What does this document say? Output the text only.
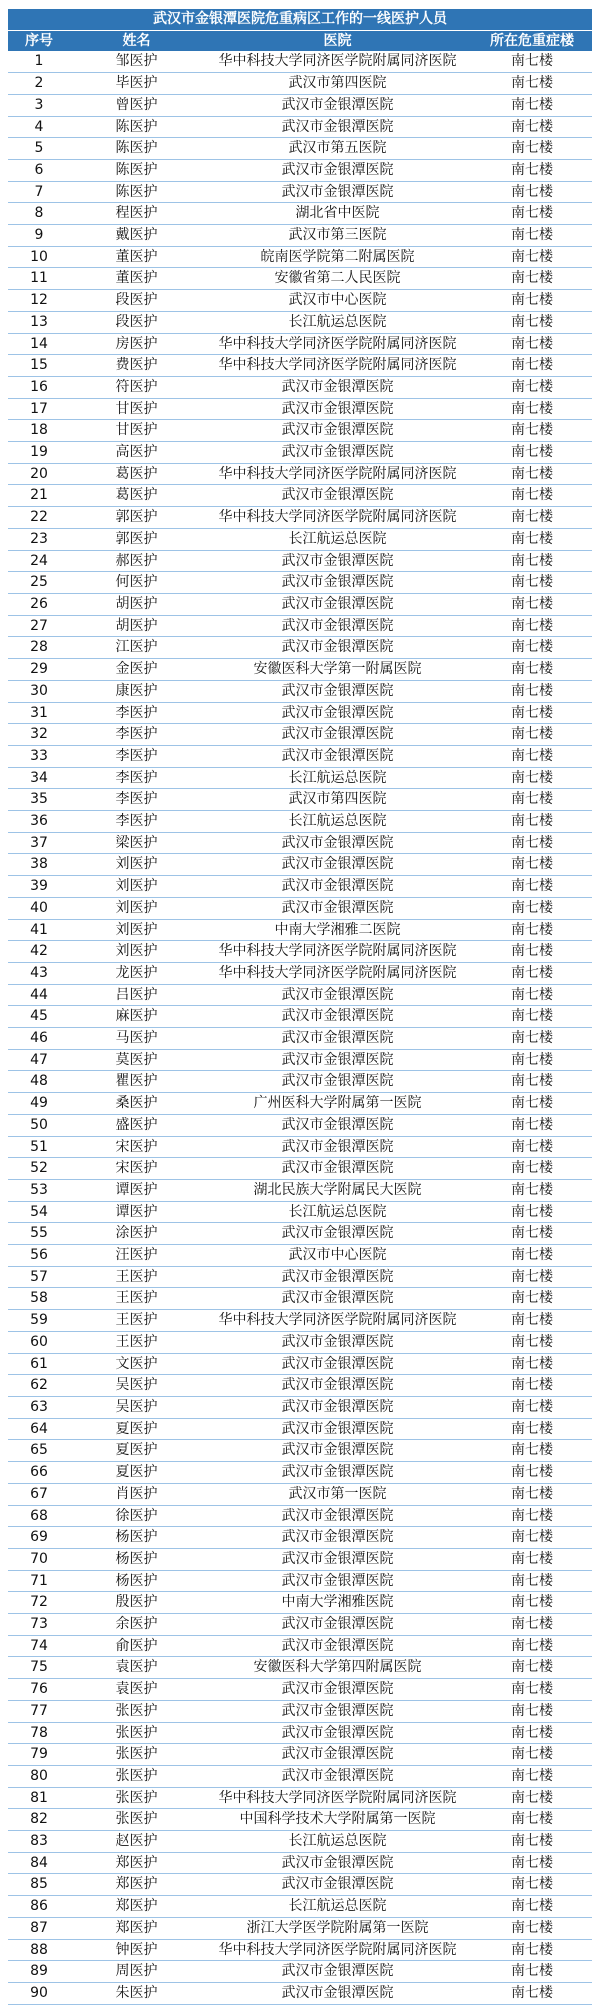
武汉市金银潭医院危重病区工作的一线医护人员			
序号	姓名	医院	所在危重症楼
1	邹医护	华中科技大学同济医学院附属同济医院	南七楼
2	毕医护	武汉市第四医院	南七楼
3	曾医护	武汉市金银潭医院	南七楼
4	陈医护	武汉市金银潭医院	南七楼
5	陈医护	武汉市第五医院	南七楼
6	陈医护	武汉市金银潭医院	南七楼
7	陈医护	武汉市金银潭医院	南七楼
8	程医护	湖北省中医院	南七楼
9	戴医护	武汉市第三医院	南七楼
10	董医护	皖南医学院第二附属医院	南七楼
11	董医护	安徽省第二人民医院	南七楼
12	段医护	武汉市中心医院	南七楼
13	段医护	长江航运总医院	南七楼
14	房医护	华中科技大学同济医学院附属同济医院	南七楼
15	费医护	华中科技大学同济医学院附属同济医院	南七楼
16	符医护	武汉市金银潭医院	南七楼
17	甘医护	武汉市金银潭医院	南七楼
18	甘医护	武汉市金银潭医院	南七楼
19	高医护	武汉市金银潭医院	南七楼
20	葛医护	华中科技大学同济医学院附属同济医院	南七楼
21	葛医护	武汉市金银潭医院	南七楼
22	郭医护	华中科技大学同济医学院附属同济医院	南七楼
23	郭医护	长江航运总医院	南七楼
24	郝医护	武汉市金银潭医院	南七楼
25	何医护	武汉市金银潭医院	南七楼
26	胡医护	武汉市金银潭医院	南七楼
27	胡医护	武汉市金银潭医院	南七楼
28	江医护	武汉市金银潭医院	南七楼
29	金医护	安徽医科大学第一附属医院	南七楼
30	康医护	武汉市金银潭医院	南七楼
31	李医护	武汉市金银潭医院	南七楼
32	李医护	武汉市金银潭医院	南七楼
33	李医护	武汉市金银潭医院	南七楼
34	李医护	长江航运总医院	南七楼
35	李医护	武汉市第四医院	南七楼
36	李医护	长江航运总医院	南七楼
37	梁医护	武汉市金银潭医院	南七楼
38	刘医护	武汉市金银潭医院	南七楼
39	刘医护	武汉市金银潭医院	南七楼
40	刘医护	武汉市金银潭医院	南七楼
41	刘医护	中南大学湘雅二医院	南七楼
42	刘医护	华中科技大学同济医学院附属同济医院	南七楼
43	龙医护	华中科技大学同济医学院附属同济医院	南七楼
44	吕医护	武汉市金银潭医院	南七楼
45	麻医护	武汉市金银潭医院	南七楼
46	马医护	武汉市金银潭医院	南七楼
47	莫医护	武汉市金银潭医院	南七楼
48	瞿医护	武汉市金银潭医院	南七楼
49	桑医护	广州医科大学附属第一医院	南七楼
50	盛医护	武汉市金银潭医院	南七楼
51	宋医护	武汉市金银潭医院	南七楼
52	宋医护	武汉市金银潭医院	南七楼
53	谭医护	湖北民族大学附属民大医院	南七楼
54	谭医护	长江航运总医院	南七楼
55	涂医护	武汉市金银潭医院	南七楼
56	汪医护	武汉市中心医院	南七楼
57	王医护	武汉市金银潭医院	南七楼
58	王医护	武汉市金银潭医院	南七楼
59	王医护	华中科技大学同济医学院附属同济医院	南七楼
60	王医护	武汉市金银潭医院	南七楼
61	文医护	武汉市金银潭医院	南七楼
62	吴医护	武汉市金银潭医院	南七楼
63	吴医护	武汉市金银潭医院	南七楼
64	夏医护	武汉市金银潭医院	南七楼
65	夏医护	武汉市金银潭医院	南七楼
66	夏医护	武汉市金银潭医院	南七楼
67	肖医护	武汉市第一医院	南七楼
68	徐医护	武汉市金银潭医院	南七楼
69	杨医护	武汉市金银潭医院	南七楼
70	杨医护	武汉市金银潭医院	南七楼
71	杨医护	武汉市金银潭医院	南七楼
72	殷医护	中南大学湘雅医院	南七楼
73	余医护	武汉市金银潭医院	南七楼
74	俞医护	武汉市金银潭医院	南七楼
75	袁医护	安徽医科大学第四附属医院	南七楼
76	袁医护	武汉市金银潭医院	南七楼
77	张医护	武汉市金银潭医院	南七楼
78	张医护	武汉市金银潭医院	南七楼
79	张医护	武汉市金银潭医院	南七楼
80	张医护	武汉市金银潭医院	南七楼
81	张医护	华中科技大学同济医学院附属同济医院	南七楼
82	张医护	中国科学技术大学附属第一医院	南七楼
83	赵医护	长江航运总医院	南七楼
84	郑医护	武汉市金银潭医院	南七楼
85	郑医护	武汉市金银潭医院	南七楼
86	郑医护	长江航运总医院	南七楼
87	郑医护	浙江大学医学院附属第一医院	南七楼
88	钟医护	华中科技大学同济医学院附属同济医院	南七楼
89	周医护	武汉市金银潭医院	南七楼
90	朱医护	武汉市金银潭医院	南七楼
